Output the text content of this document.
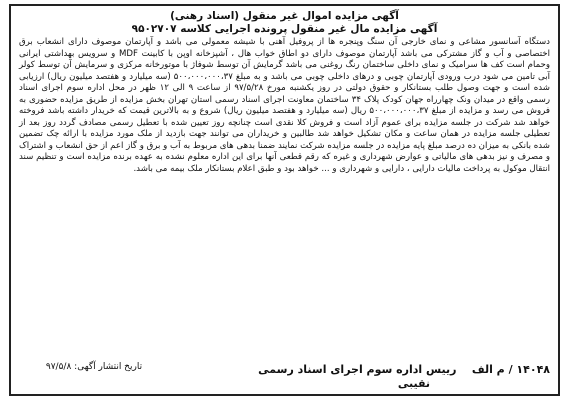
آگهی مزایده اموال غیر منقول (اسناد رهنی)

آگهی مزایده مال غیر منقول پرونده اجرایی کلاسه ۹۵۰۲۷۰۷

دستگاه آسانسور مشاعی و نمای خارجی آن سنگ وپنجره ها از پروفیل آهنی با شیشه معمولی می باشد و آپارتمان موصوف دارای انشعاب برق اختصاصی و آب و گاز مشترکی می باشد آپارتمان موصوف دارای دو اطاق خواب هال ، آشپزخانه اوپن با کابینت MDF و سرویس بهداشتی ایرانی وحمام است کف ها سرامیک و نمای داخلی ساختمان رنگ روغنی می باشد گرمایش آن توسط شوفاژ با موتورخانه مرکزی و سرمایش آن توسط کولر آبی تامین می شود درب ورودی آپارتمان چوبی و درهای داخلی چوبی می باشد و به مبلغ ۵۰۰،۰۰۰،۰۰۰،۳۷ (سه میلیارد و هفتصد میلیون ریال) ارزیابی شده است و جهت وصول طلب بستانکار و حقوق دولتی در روز یکشنبه مورخ ۹۷/۵/۲۸ از ساعت ۹ الی ۱۲ ظهر در محل اداره سوم اجرای اسناد رسمی واقع در میدان ونک چهارراه جهان کودک پلاک ۳۴ ساختمان معاونت اجرای اسناد رسمی استان تهران بخش مزایده از طریق مزایده حضوری به فروش می رسد و مزایده از مبلغ ۵۰۰،۰۰۰،۰۰۰،۳۷ ریال (سه میلیارد و هفتصد میلیون ریال) شروع و به بالاترین قیمت که خریدار داشته باشد فروخته خواهد شد شرکت در جلسه مزایده برای عموم آزاد است و فروش کلا نقدی است چنانچه روز تعیین شده با تعطیل رسمی مصادف گردد روز بعد از تعطیلی جلسه مزایده در همان ساعت و مکان تشکیل خواهد شد طالبین و خریداران می توانند جهت بازدید از ملک مورد مزایده با ارائه چک تضمین شده بانکی به میزان ده درصد مبلغ پایه مزایده در جلسه مزایده شرکت نمایند ضمنا بدهی های مربوط به آب و برق و گاز اعم از حق انشعاب و اشتراک و مصرف و نیز بدهی های مالیاتی و عوارض شهرداری و غیره که رقم قطعی آنها برای این اداره معلوم نشده به عهده برنده مزایده است و تنظیم سند انتقال موکول به پرداخت مالیات دارایی ، دارایی و شهرداری و ... خواهد بود و طبق اعلام بستانکار ملک بیمه می باشد.

تاریخ انتشار آگهی: ۹۷/۵/۸	۱۴۰۴۸ / م الف    رییس اداره سوم اجرای اسناد رسمی
نقیبی
